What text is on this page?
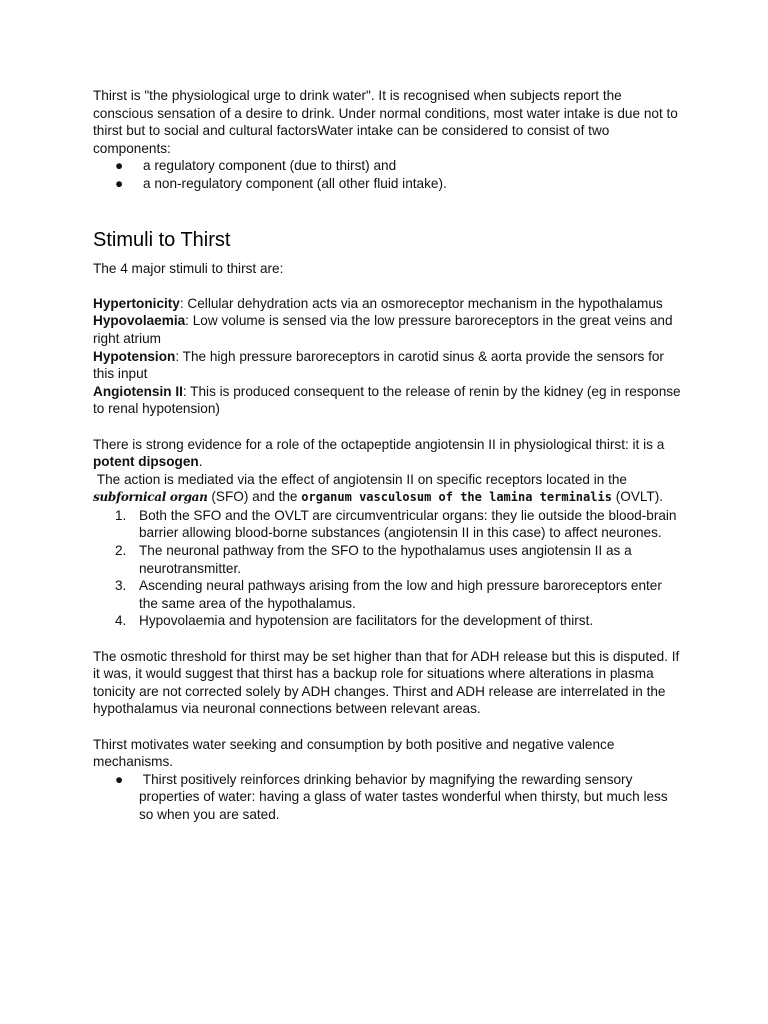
Thirst is "the physiological urge to drink water". It is recognised when subjects report the conscious sensation of a desire to drink. Under normal conditions, most water intake is due not to thirst but to social and cultural factorsWater intake can be considered to consist of two components:

● a regulatory component (due to thirst) and
● a non-regulatory component (all other fluid intake).
Stimuli to Thirst

The 4 major stimuli to thirst are:

Hypertonicity: Cellular dehydration acts via an osmoreceptor mechanism in the hypothalamus

Hypovolaemia: Low volume is sensed via the low pressure baroreceptors in the great veins and right atrium

Hypotension: The high pressure baroreceptors in carotid sinus & aorta provide the sensors for this input

Angiotensin II: This is produced consequent to the release of renin by the kidney (eg in response to renal hypotension)

There is strong evidence for a role of the octapeptide angiotensin II in physiological thirst: it is a potent dipsogen.

The action is mediated via the effect of angiotensin II on specific receptors located in the subfornical organ (SFO) and the organum vasculosum of the lamina terminalis (OVLT).

1. Both the SFO and the OVLT are circumventricular organs: they lie outside the blood-brain barrier allowing blood-borne substances (angiotensin II in this case) to affect neurones.
2. The neuronal pathway from the SFO to the hypothalamus uses angiotensin II as a neurotransmitter.
3. Ascending neural pathways arising from the low and high pressure baroreceptors enter the same area of the hypothalamus.
4. Hypovolaemia and hypotension are facilitators for the development of thirst.

The osmotic threshold for thirst may be set higher than that for ADH release but this is disputed. If it was, it would suggest that thirst has a backup role for situations where alterations in plasma tonicity are not corrected solely by ADH changes. Thirst and ADH release are interrelated in the hypothalamus via neuronal connections between relevant areas.

Thirst motivates water seeking and consumption by both positive and negative valence mechanisms.

● Thirst positively reinforces drinking behavior by magnifying the rewarding sensory properties of water: having a glass of water tastes wonderful when thirsty, but much less so when you are sated.
